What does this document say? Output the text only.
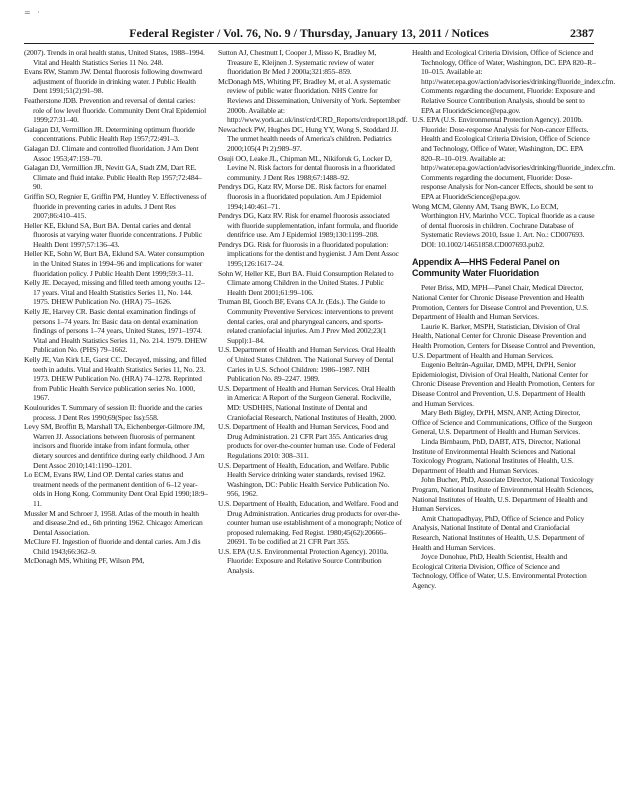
= ·
Federal Register / Vol. 76, No. 9 / Thursday, January 13, 2011 / Notices	2387

(2007). Trends in oral health status, United States, 1988–1994. Vital and Health Statistics Series 11 No. 248.

Evans RW, Stamm JW. Dental fluorosis following downward adjustment of fluoride in drinking water. J Public Health Dent 1991;51(2):91–98.

Featherstone JDB. Prevention and reversal of dental caries: role of low level fluoride. Community Dent Oral Epidemiol 1999;27:31–40.

Galagan DJ, Vermillion JR. Determining optimum fluoride concentrations. Public Health Rep 1957;72:491–3.

Galagan DJ. Climate and controlled fluoridation. J Am Dent Assoc 1953;47:159–70.

Galagan DJ, Vermillion JR, Nevitt GA, Stadt ZM, Dart RE. Climate and fluid intake. Public Health Rep 1957;72:484–90.

Griffin SO, Regnier E, Griffin PM, Huntley V. Effectiveness of fluoride in preventing caries in adults. J Dent Res 2007;86:410–415.

Heller KE, Eklund SA, Burt BA. Dental caries and dental fluorosis at varying water fluoride concentrations. J Public Health Dent 1997;57:136–43.

Heller KE, Sohn W, Burt BA, Eklund SA. Water consumption in the United States in 1994–96 and implications for water fluoridation policy. J Public Health Dent 1999;59:3–11.

Kelly JE. Decayed, missing and filled teeth among youths 12–17 years. Vital and Health Statistics Series 11, No. 144. 1975. DHEW Publication No. (HRA) 75–1626.

Kelly JE, Harvey CR. Basic dental examination findings of persons 1–74 years. In: Basic data on dental examination findings of persons 1–74 years, United States, 1971–1974. Vital and Health Statistics Series 11, No. 214. 1979. DHEW Publication No. (PHS) 79–1662.

Kelly JE, Van Kirk LE, Garst CC. Decayed, missing, and filled teeth in adults. Vital and Health Statistics Series 11, No. 23. 1973. DHEW Publication No. (HRA) 74–1278. Reprinted from Public Health Service publication series No. 1000, 1967.

Koulourides T. Summary of session II: fluoride and the caries process. J Dent Res 1990;69(Spec Iss):558.

Levy SM, Broffitt B, Marshall TA, Eichenberger-Gilmore JM, Warren JJ. Associations between fluorosis of permanent incisors and fluoride intake from infant formula, other dietary sources and dentifrice during early childhood. J Am Dent Assoc 2010;141:1190–1201.

Lo ECM, Evans RW, Lind OP. Dental caries status and treatment needs of the permanent dentition of 6–12 year-olds in Hong Kong. Community Dent Oral Epid 1990;18:9–11.

Mussler M and Schroer J, 1958. Atlas of the mouth in health and disease.2nd ed., 6th printing 1962. Chicago: American Dental Association.

McClure FJ. Ingestion of fluoride and dental caries. Am J dis Child 1943;66:362–9.

McDonagh MS, Whiting PF, Wilson PM,

Sutton AJ, Chestnutt I, Cooper J, Misso K, Bradley M, Treasure E, Kleijnen J. Systematic review of water fluoridation Br Med J 2000a;321:855–859.

McDonagh MS, Whiting PF, Bradley M, et al. A systematic review of public water fluoridation. NHS Centre for Reviews and Dissemination, University of York. September 2000b. Available at: http://www.york.ac.uk/inst/crd/CRD_Reports/crdreport18.pdf.

Newacheck PW, Hughes DC, Hung YY, Wong S, Stoddard JJ. The unmet health needs of America's children. Pediatrics 2000;105(4 Pt 2):989–97.

Osuji OO, Leake JL, Chipman ML, Nikiforuk G, Locker D, Levine N. Risk factors for dental fluorosis in a fluoridated community. J Dent Res 1988;67:1488–92.

Pendrys DG, Katz RV, Morse DE. Risk factors for enamel fluorosis in a fluoridated population. Am J Epidemiol 1994;140:461–71.

Pendrys DG, Katz RV. Risk for enamel fluorosis associated with fluoride supplementation, infant formula, and fluoride dentifrice use. Am J Epidemiol 1989;130:1199–208.

Pendrys DG. Risk for fluorosis in a fluoridated population: implications for the dentist and hygienist. J Am Dent Assoc 1995;126:1617–24.

Sohn W, Heller KE, Burt BA. Fluid Consumption Related to Climate among Children in the United States. J Public Health Dent 2001;61:99–106.

Truman BI, Gooch BF, Evans CA Jr. (Eds.). The Guide to Community Preventive Services: interventions to prevent dental caries, oral and pharyngeal cancers, and sports-related craniofacial injuries. Am J Prev Med 2002;23(1 Suppl):1–84.

U.S. Department of Health and Human Services. Oral Health of United States Children. The National Survey of Dental Caries in U.S. School Children: 1986–1987. NIH Publication No. 89–2247. 1989.

U.S. Department of Health and Human Services. Oral Health in America: A Report of the Surgeon General. Rockville, MD: USDHHS, National Institute of Dental and Craniofacial Research, National Institutes of Health, 2000.

U.S. Department of Health and Human Services, Food and Drug Administration. 21 CFR Part 355. Anticaries drug products for over-the-counter human use. Code of Federal Regulations 2010: 308–311.

U.S. Department of Health, Education, and Welfare. Public Health Service drinking water standards, revised 1962. Washington, DC: Public Health Service Publication No. 956, 1962.

U.S. Department of Health, Education, and Welfare. Food and Drug Administration. Anticaries drug products for over-the-counter human use establishment of a monograph; Notice of proposed rulemaking. Fed Regist. 1980;45(62):20666–20691. To be codified at 21 CFR Part 355.

U.S. EPA (U.S. Environmental Protection Agency). 2010a. Fluoride: Exposure and Relative Source Contribution Analysis.

Health and Ecological Criteria Division, Office of Science and Technology, Office of Water, Washington, DC. EPA 820–R–10–015. Available at: http://water.epa.gov/action/advisories/drinking/fluoride_index.cfm. Comments regarding the document, Fluoride: Exposure and Relative Source Contribution Analysis, should be sent to EPA at FluorideScience@epa.gov.

U.S. EPA (U.S. Environmental Protection Agency). 2010b. Fluoride: Dose-response Analysis for Non-cancer Effects. Health and Ecological Criteria Division, Office of Science and Technology, Office of Water, Washington, DC. EPA 820–R–10–019. Available at: http://water.epa.gov/action/advisories/drinking/fluoride_index.cfm. Comments regarding the document, Fluoride: Dose-response Analysis for Non-cancer Effects, should be sent to EPA at FluorideScience@epa.gov.

Wong MCM, Glenny AM, Tsang BWK, Lo ECM, Worthington HV, Marinho VCC. Topical fluoride as a cause of dental fluorosis in children. Cochrane Database of Systematic Reviews 2010, Issue 1. Art. No.: CD007693. DOI: 10.1002/14651858.CD007693.pub2.

Appendix A—HHS Federal Panel on Community Water Fluoridation

Peter Briss, MD, MPH—Panel Chair, Medical Director, National Center for Chronic Disease Prevention and Health Promotion, Centers for Disease Control and Prevention, U.S. Department of Health and Human Services.

Laurie K. Barker, MSPH, Statistician, Division of Oral Health, National Center for Chronic Disease Prevention and Health Promotion, Centers for Disease Control and Prevention, U.S. Department of Health and Human Services.

Eugenio Beltrán-Aguilar, DMD, MPH, DrPH, Senior Epidemiologist, Division of Oral Health, National Center for Chronic Disease Prevention and Health Promotion, Centers for Disease Control and Prevention, U.S. Department of Health and Human Services.

Mary Beth Bigley, DrPH, MSN, ANP, Acting Director, Office of Science and Communications, Office of the Surgeon General, U.S. Department of Health and Human Services.

Linda Birnbaum, PhD, DABT, ATS, Director, National Institute of Environmental Health Sciences and National Toxicology Program, National Institutes of Health, U.S. Department of Health and Human Services.

John Bucher, PhD, Associate Director, National Toxicology Program, National Institute of Environmental Health Sciences, National Institutes of Health, U.S. Department of Health and Human Services.

Amit Chattopadhyay, PhD, Office of Science and Policy Analysis, National Institute of Dental and Craniofacial Research, National Institutes of Health, U.S. Department of Health and Human Services.

Joyce Donohue, PhD, Health Scientist, Health and Ecological Criteria Division, Office of Science and Technology, Office of Water, U.S. Environmental Protection Agency.
